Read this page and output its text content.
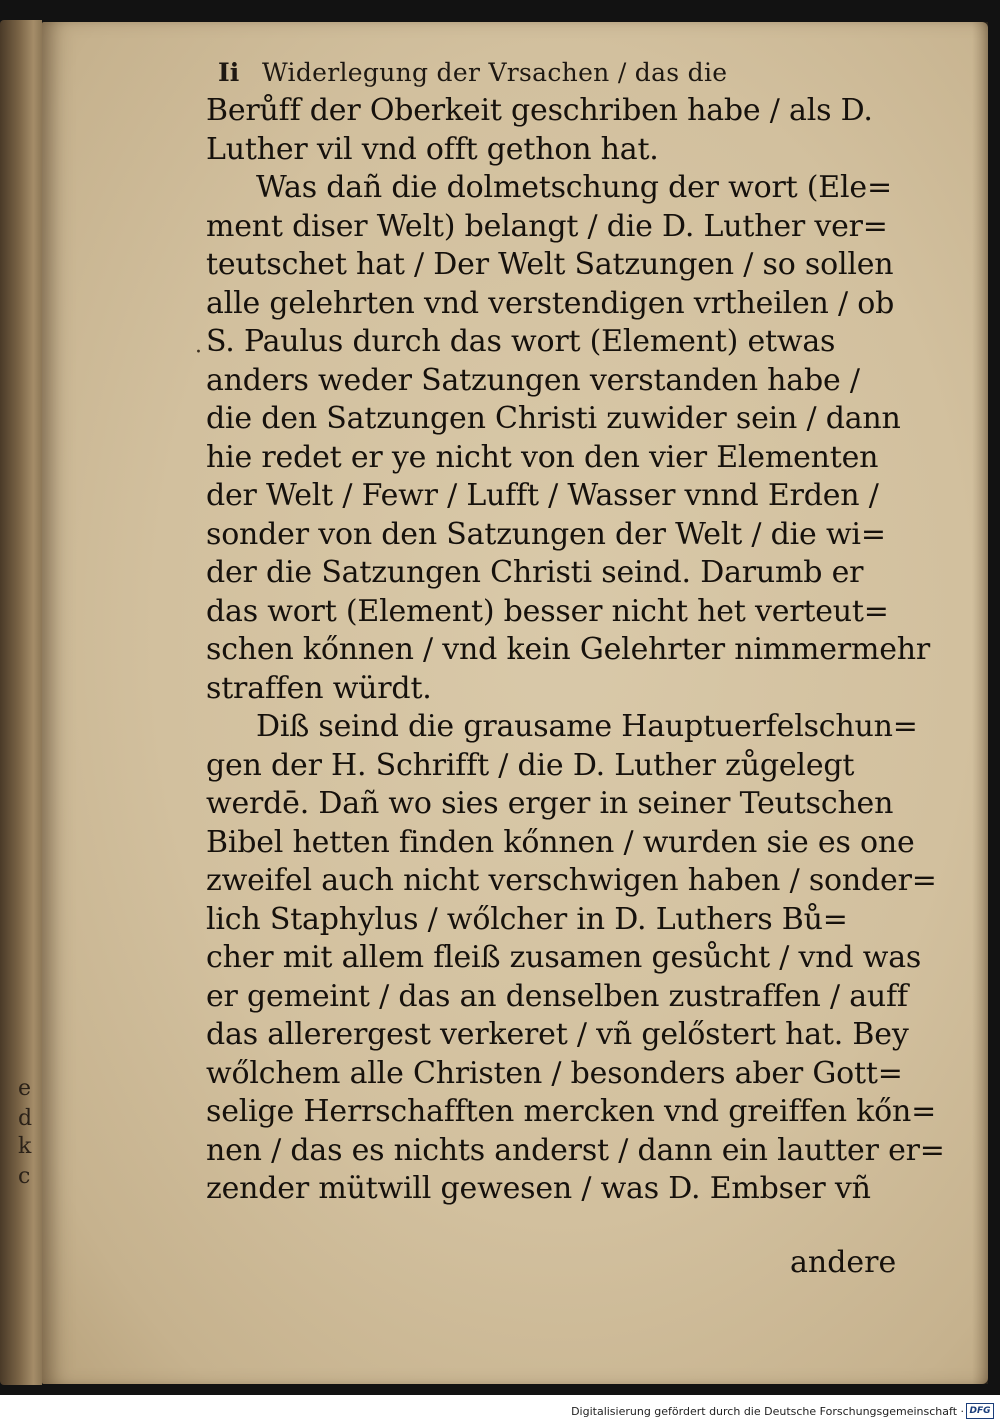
e
d
k
c
Ii Widerlegung der Vrsachen / das die
·
Berůff der Oberkeit geschriben habe / als D.
Luther vil vnd offt gethon hat.
Was dañ die dolmetschung der wort (Ele=
ment diser Welt) belangt / die D. Luther ver=
teutschet hat / Der Welt Satzungen / so sollen
alle gelehrten vnd verstendigen vrtheilen / ob
S. Paulus durch das wort (Element) etwas
anders weder Satzungen verstanden habe /
die den Satzungen Christi zuwider sein / dann
hie redet er ye nicht von den vier Elementen
der Welt / Fewr / Lufft / Wasser vnnd Erden /
sonder von den Satzungen der Welt / die wi=
der die Satzungen Christi seind. Darumb er
das wort (Element) besser nicht het verteut=
schen kőnnen / vnd kein Gelehrter nimmermehr
straffen würdt.
Diß seind die grausame Hauptuerfelschun=
gen der H. Schrifft / die D. Luther zůgelegt
werdē. Dañ wo sies erger in seiner Teutschen
Bibel hetten finden kőnnen / wurden sie es one
zweifel auch nicht verschwigen haben / sonder=
lich Staphylus / wőlcher in D. Luthers Bů=
cher mit allem fleiß zusamen gesůcht / vnd was
er gemeint / das an denselben zustraffen / auff
das allerergest verkeret / vñ gelőstert hat. Bey
wőlchem alle Christen / besonders aber Gott=
selige Herrschafften mercken vnd greiffen kőn=
nen / das es nichts anderst / dann ein lautter er=
zender mütwill gewesen / was D. Embser vñ
andere
Digitalisierung gefördert durch die Deutsche Forschungsgemeinschaft · DFG
